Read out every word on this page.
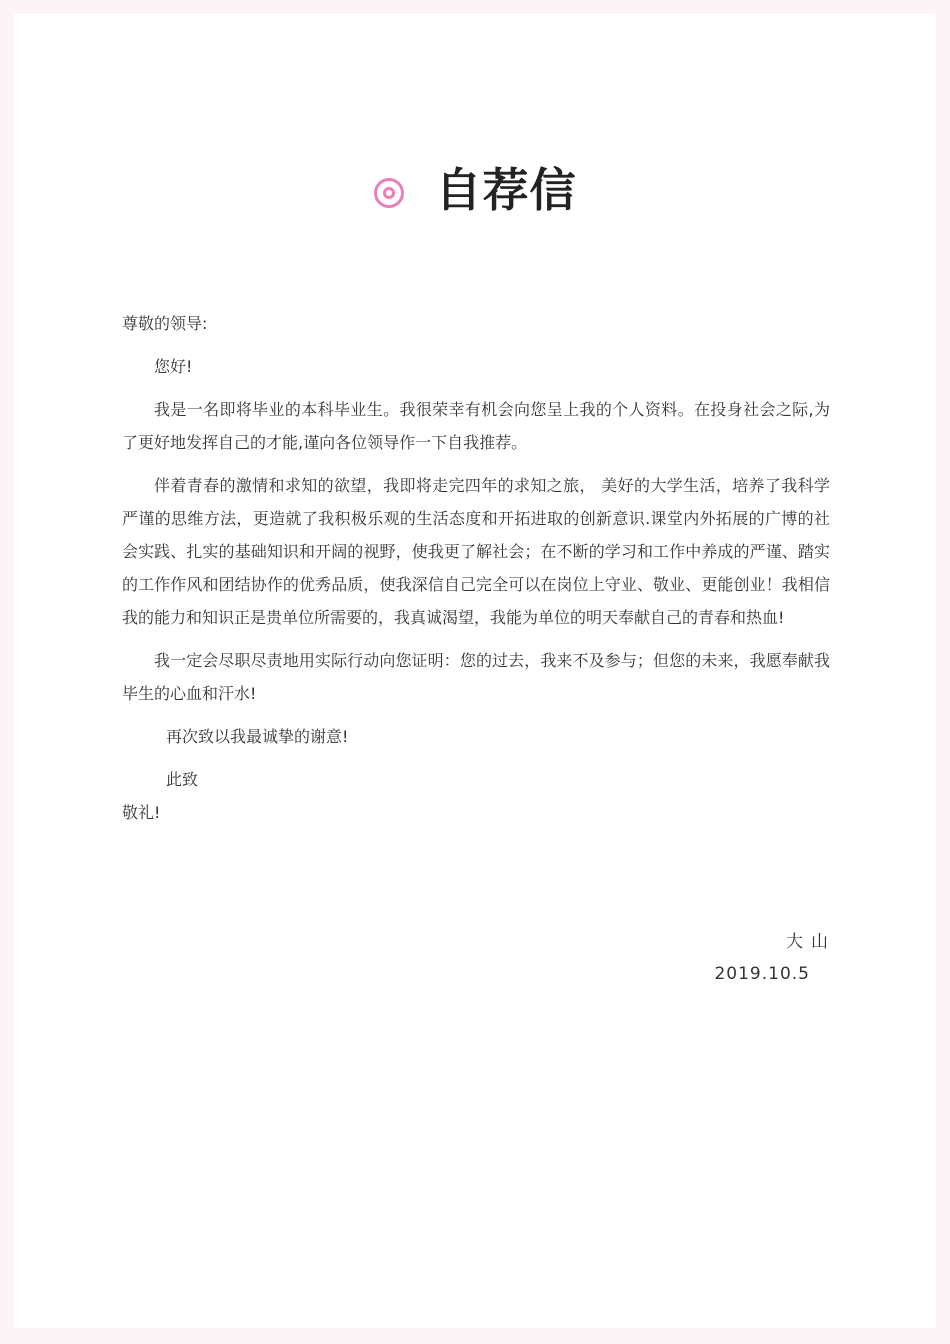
自荐信

尊敬的领导:

您好!

我是一名即将毕业的本科毕业生。我很荣幸有机会向您呈上我的个人资料。在投身社会之际,为了更好地发挥自己的才能,谨向各位领导作一下自我推荐。

伴着青春的激情和求知的欲望，我即将走完四年的求知之旅， 美好的大学生活，培养了我科学严谨的思维方法，更造就了我积极乐观的生活态度和开拓进取的创新意识.课堂内外拓展的广博的社会实践、扎实的基础知识和开阔的视野，使我更了解社会；在不断的学习和工作中养成的严谨、踏实的工作作风和团结协作的优秀品质，使我深信自己完全可以在岗位上守业、敬业、更能创业！我相信我的能力和知识正是贵单位所需要的，我真诚渴望，我能为单位的明天奉献自己的青春和热血!

我一定会尽职尽责地用实际行动向您证明：您的过去，我来不及参与；但您的未来，我愿奉献我毕生的心血和汗水!

再次致以我最诚挚的谢意!

此致

敬礼!

大山
2019.10.5
